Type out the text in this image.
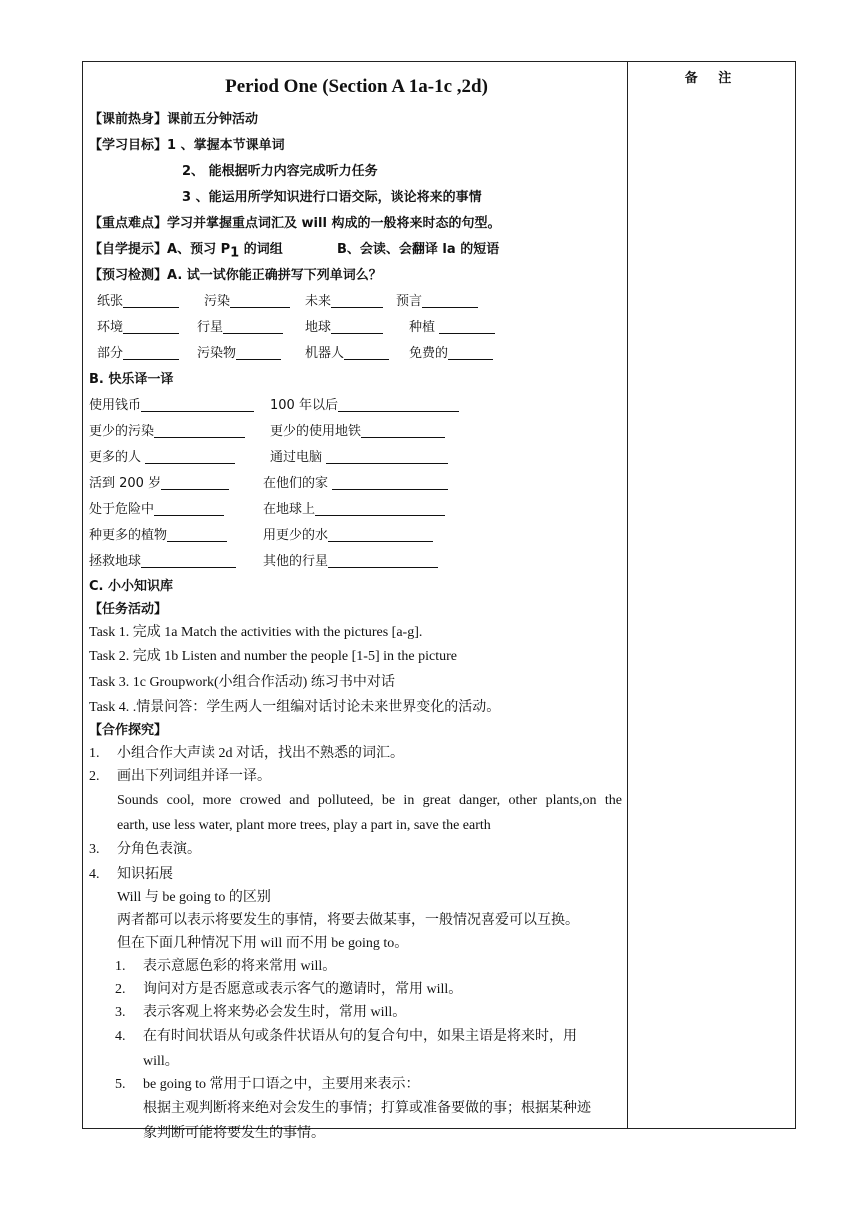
备 注
Period One (Section A 1a-1c ,2d)
【课前热身】课前五分钟活动
【学习目标】1 、掌握本节课单词
2、 能根据听力内容完成听力任务
3 、能运用所学知识进行口语交际，谈论将来的事情
【重点难点】学习并掌握重点词汇及 will 构成的一般将来时态的句型。
【自学提示】A、预习 $P_1$ 的词组	B、会读、会翻译 la 的短语
【预习检测】A. 试一试你能正确拼写下列单词么？
纸张	污染	未来	预言
环境	行星	地球	种植
部分	污染物	机器人	免费的
B. 快乐译一译
使用钱币	100 年以后
更少的污染	更少的使用地铁
更多的人	通过电脑
活到 200 岁	在他们的家
处于危险中	在地球上
种更多的植物	用更少的水
拯救地球	其他的行星
C. 小小知识库
【任务活动】
Task 1. 完成 1a Match the activities with the pictures [a-g].
Task 2. 完成 1b Listen and number the people [1-5] in the picture
Task 3. 1c Groupwork(小组合作活动) 练习书中对话
Task 4. .情景问答：学生两人一组编对话讨论未来世界变化的活动。
【合作探究】
1. 小组合作大声读 2d 对话，找出不熟悉的词汇。
2. 画出下列词组并译一译。
Sounds cool, more crowed and polluteed, be in great danger, other plants,on the
earth, use less water, plant more trees, play a part in, save the earth
3. 分角色表演。
4. 知识拓展
Will 与 be going to 的区别
两者都可以表示将要发生的事情，将要去做某事，一般情况喜爱可以互换。
但在下面几种情况下用 will 而不用 be going to。
1. 表示意愿色彩的将来常用 will。
2. 询问对方是否愿意或表示客气的邀请时，常用 will。
3. 表示客观上将来势必会发生时，常用 will。
4. 在有时间状语从句或条件状语从句的复合句中，如果主语是将来时，用
will。
5. be going to 常用于口语之中，主要用来表示：
根据主观判断将来绝对会发生的事情；打算或准备要做的事；根据某种迹
象判断可能将要发生的事情。
